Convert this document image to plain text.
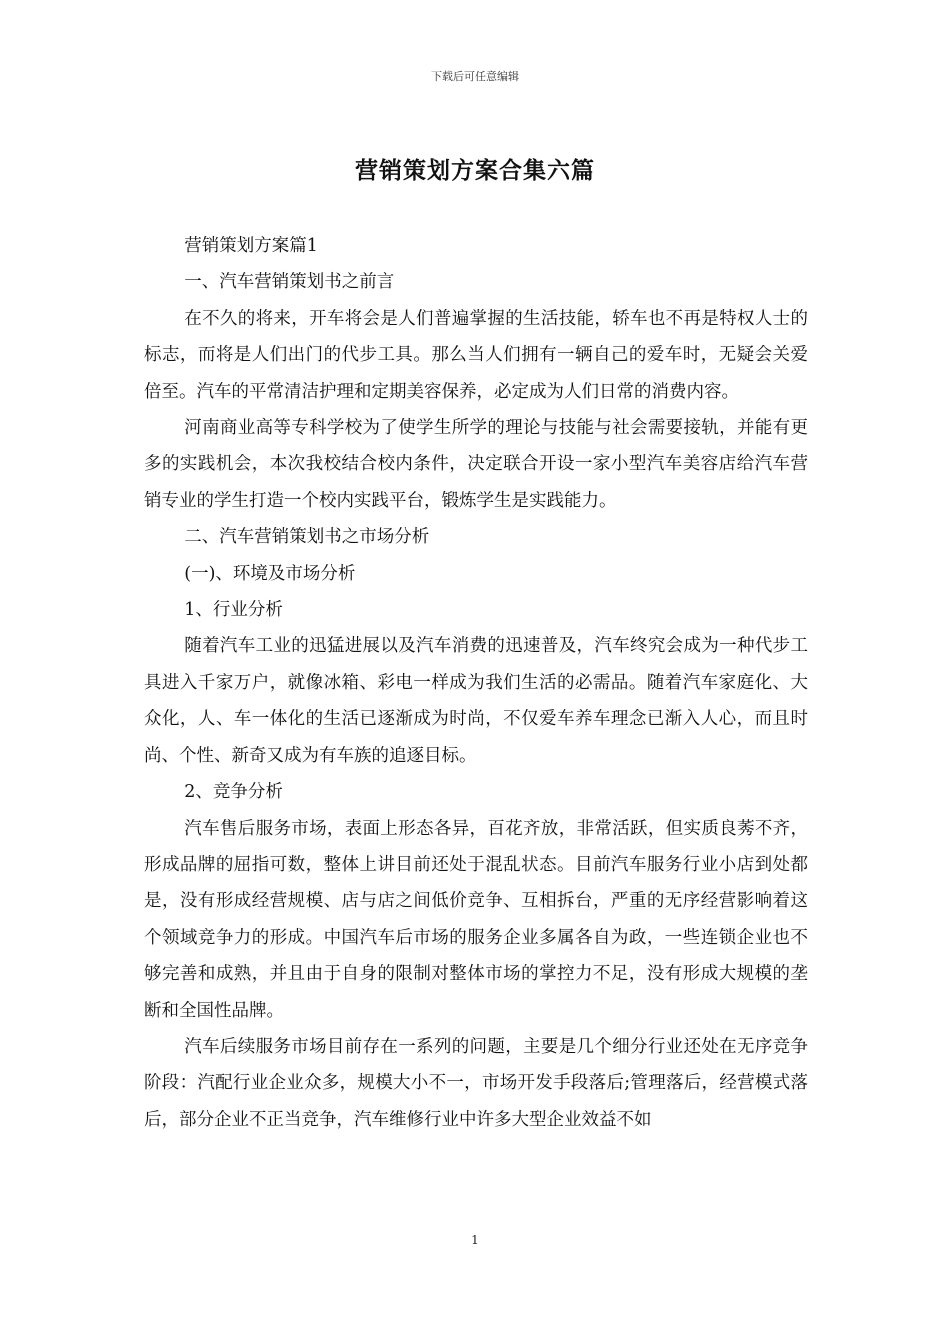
下载后可任意编辑
营销策划方案合集六篇

营销策划方案篇1

一、汽车营销策划书之前言

在不久的将来，开车将会是人们普遍掌握的生活技能，轿车也不再是特权人士的标志，而将是人们出门的代步工具。那么当人们拥有一辆自己的爱车时，无疑会关爱倍至。汽车的平常清洁护理和定期美容保养，必定成为人们日常的消费内容。

河南商业高等专科学校为了使学生所学的理论与技能与社会需要接轨，并能有更多的实践机会，本次我校结合校内条件，决定联合开设一家小型汽车美容店给汽车营销专业的学生打造一个校内实践平台，锻炼学生是实践能力。

二、汽车营销策划书之市场分析

(一)、环境及市场分析

1、行业分析

随着汽车工业的迅猛进展以及汽车消费的迅速普及，汽车终究会成为一种代步工具进入千家万户，就像冰箱、彩电一样成为我们生活的必需品。随着汽车家庭化、大众化，人、车一体化的生活已逐渐成为时尚，不仅爱车养车理念已渐入人心，而且时尚、个性、新奇又成为有车族的追逐目标。

2、竞争分析

汽车售后服务市场，表面上形态各异，百花齐放，非常活跃，但实质良莠不齐，形成品牌的屈指可数，整体上讲目前还处于混乱状态。目前汽车服务行业小店到处都是，没有形成经营规模、店与店之间低价竞争、互相拆台，严重的无序经营影响着这个领域竞争力的形成。中国汽车后市场的服务企业多属各自为政，一些连锁企业也不够完善和成熟，并且由于自身的限制对整体市场的掌控力不足，没有形成大规模的垄断和全国性品牌。

汽车后续服务市场目前存在一系列的问题，主要是几个细分行业还处在无序竞争阶段：汽配行业企业众多，规模大小不一，市场开发手段落后;管理落后，经营模式落后，部分企业不正当竞争，汽车维修行业中许多大型企业效益不如

1
